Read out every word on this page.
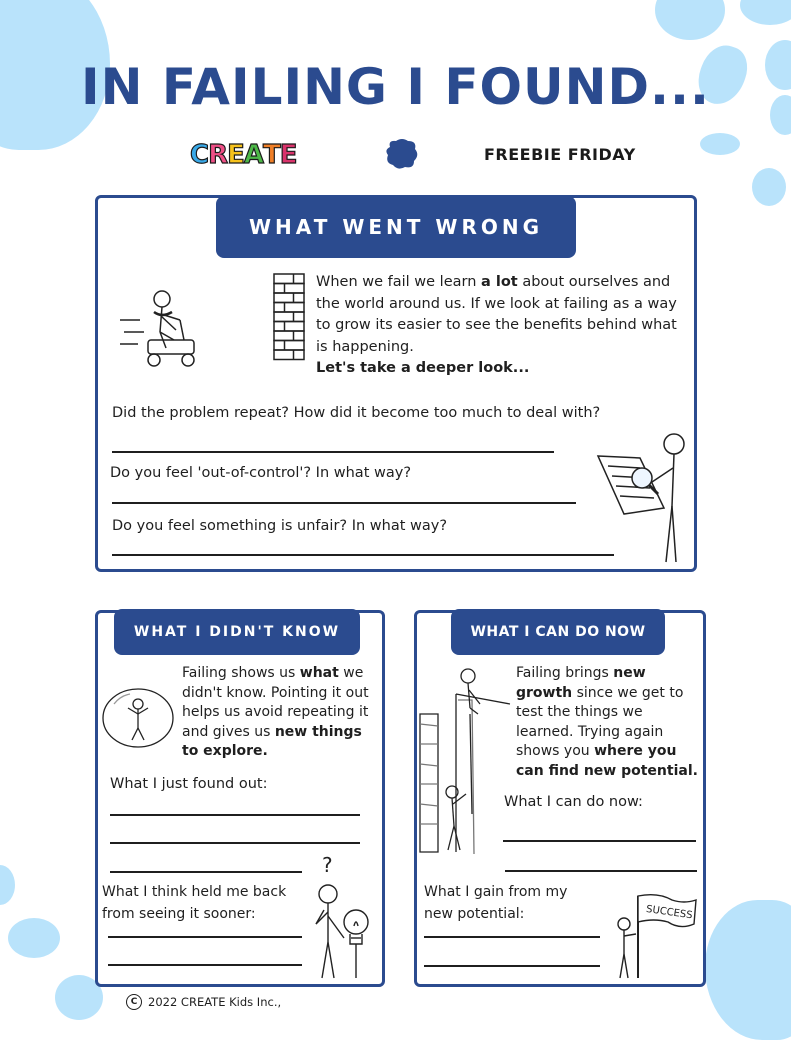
IN FAILING I FOUND...
CREATE	FREEBIE FRIDAY
WHAT WENT WRONG
When we fail we learn a lot about ourselves and the world around us. If we look at failing as a way to grow its easier to see the benefits behind what is happening.
Let's take a deeper look...
Did the problem repeat? How did it become too much to deal with?
Do you feel 'out-of-control'? In what way?
Do you feel something is unfair? In what way?
WHAT I DIDN'T KNOW
Failing shows us what we didn't know. Pointing it out helps us avoid repeating it and gives us new things to explore.
What I just found out:
What I think held me back from seeing it sooner:
?
WHAT I CAN DO NOW
Failing brings new growth since we get to test the things we learned. Trying again shows you where you can find new potential.
What I can do now:
What I gain from my new potential:	SUCCESS
C 2022 CREATE Kids Inc.,
